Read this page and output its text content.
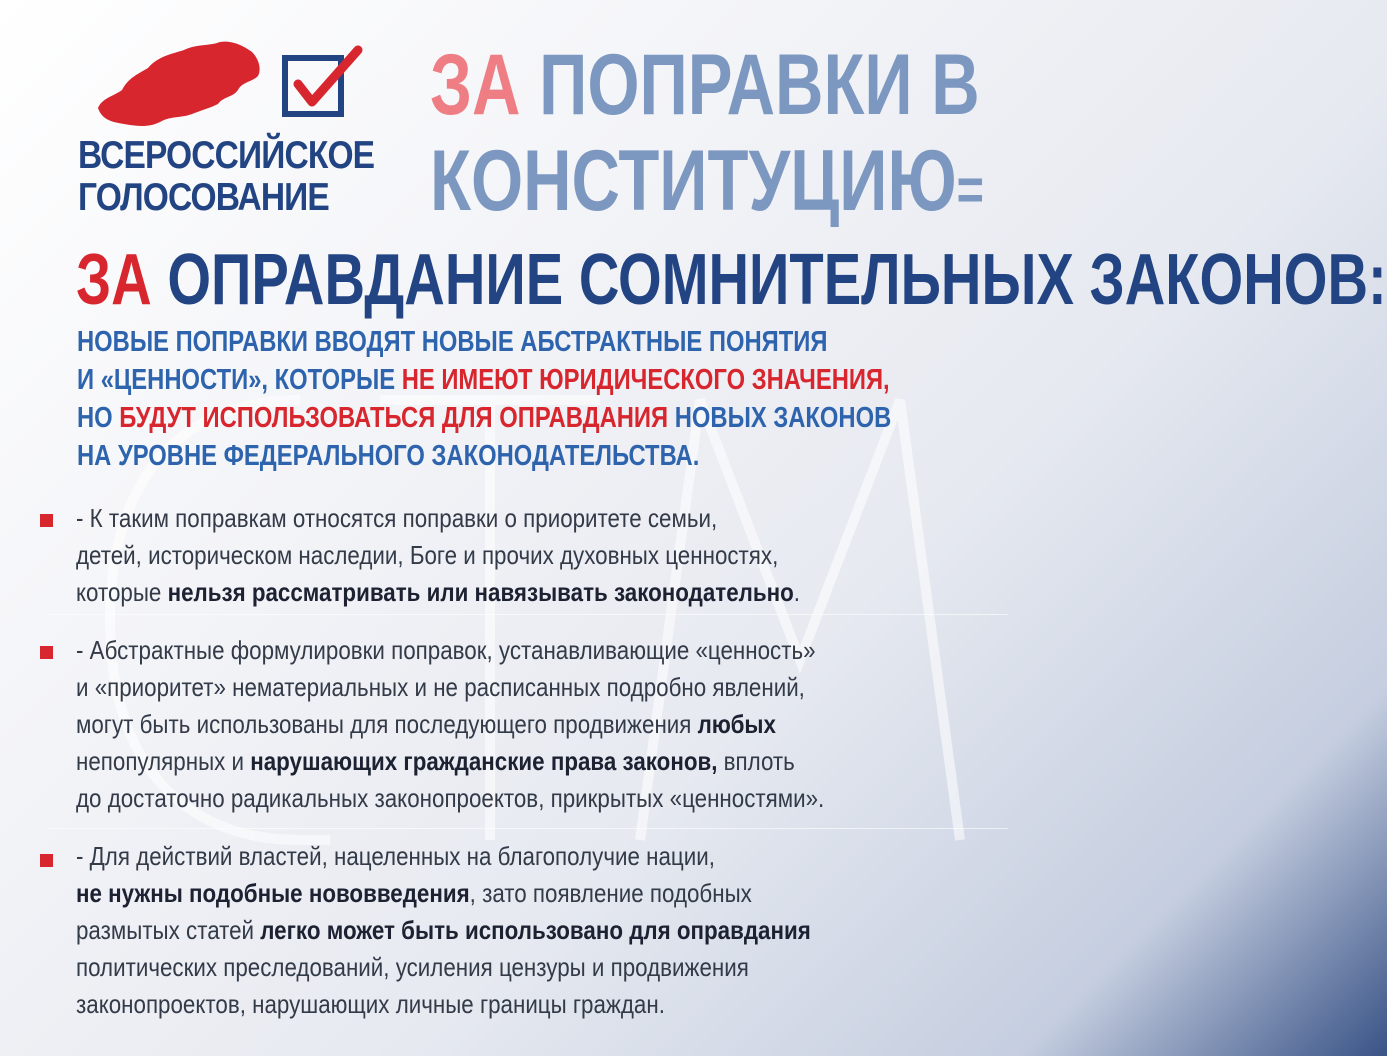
ВСЕРОССИЙСКОЕ
ГОЛОСОВАНИЕ
ЗА ПОПРАВКИ В
КОНСТИТУЦИЮ=
ЗА ОПРАВДАНИЕ СОМНИТЕЛЬНЫХ ЗАКОНОВ:
НОВЫЕ ПОПРАВКИ ВВОДЯТ НОВЫЕ АБСТРАКТНЫЕ ПОНЯТИЯ
И «ЦЕННОСТИ», КОТОРЫЕ НЕ ИМЕЮТ ЮРИДИЧЕСКОГО ЗНАЧЕНИЯ,
НО БУДУТ ИСПОЛЬЗОВАТЬСЯ ДЛЯ ОПРАВДАНИЯ НОВЫХ ЗАКОНОВ
НА УРОВНЕ ФЕДЕРАЛЬНОГО ЗАКОНОДАТЕЛЬСТВА.
- К таким поправкам относятся поправки о приоритете семьи,
детей, историческом наследии, Боге и прочих духовных ценностях,
которые нельзя рассматривать или навязывать законодательно.
- Абстрактные формулировки поправок, устанавливающие «ценность»
и «приоритет» нематериальных и не расписанных подробно явлений,
могут быть использованы для последующего продвижения любых
непопулярных и нарушающих гражданские права законов, вплоть
до достаточно радикальных законопроектов, прикрытых «ценностями».
- Для действий властей, нацеленных на благополучие нации,
не нужны подобные нововведения, зато появление подобных
размытых статей легко может быть использовано для оправдания
политических преследований, усиления цензуры и продвижения
законопроектов, нарушающих личные границы граждан.
